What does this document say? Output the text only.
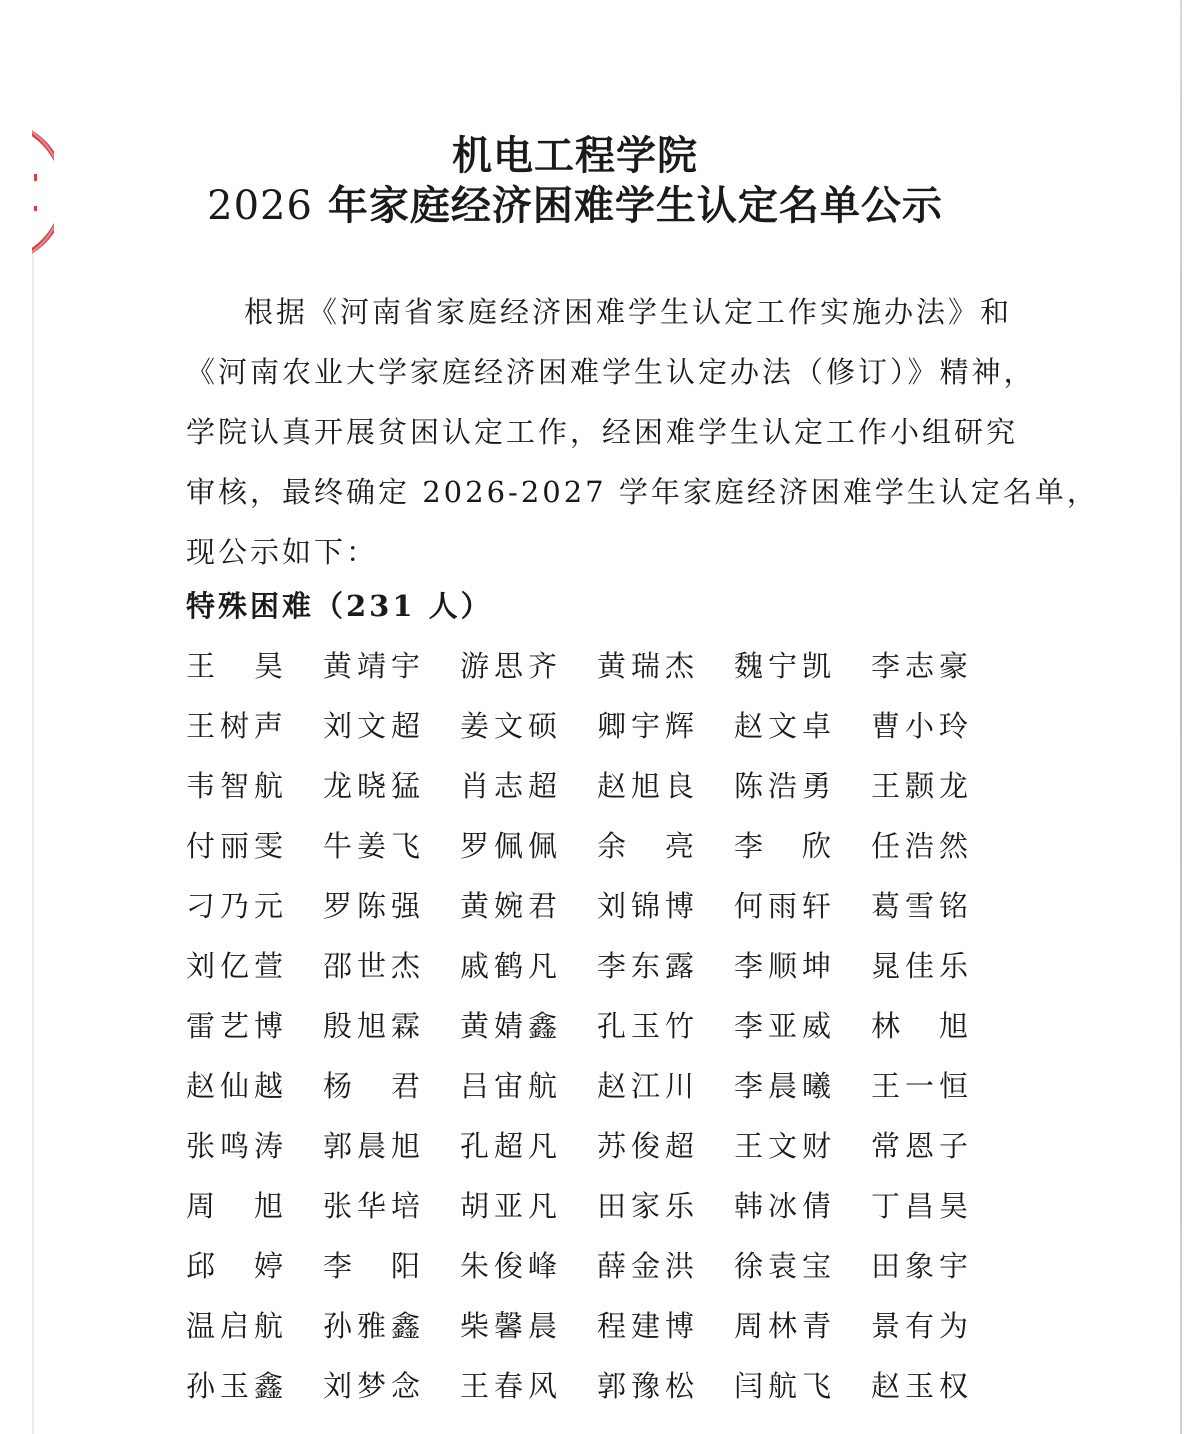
机电工程学院
2026 年家庭经济困难学生认定名单公示
根据《河南省家庭经济困难学生认定工作实施办法》和
《河南农业大学家庭经济困难学生认定办法（修订）》精神，
学院认真开展贫困认定工作，经困难学生认定工作小组研究
审核，最终确定 2026-2027 学年家庭经济困难学生认定名单，
现公示如下：
特殊困难（231 人）
王　昊	黄靖宇	游思齐	黄瑞杰	魏宁凯	李志豪
王树声	刘文超	姜文硕	卿宇辉	赵文卓	曹小玲
韦智航	龙晓猛	肖志超	赵旭良	陈浩勇	王颢龙
付丽雯	牛姜飞	罗佩佩	余　亮	李　欣	任浩然
刁乃元	罗陈强	黄婉君	刘锦博	何雨轩	葛雪铭
刘亿萱	邵世杰	戚鹤凡	李东露	李顺坤	晁佳乐
雷艺博	殷旭霖	黄婧鑫	孔玉竹	李亚威	林　旭
赵仙越	杨　君	吕宙航	赵江川	李晨曦	王一恒
张鸣涛	郭晨旭	孔超凡	苏俊超	王文财	常恩子
周　旭	张华培	胡亚凡	田家乐	韩冰倩	丁昌昊
邱　婷	李　阳	朱俊峰	薛金洪	徐袁宝	田象宇
温启航	孙雅鑫	柴馨晨	程建博	周林青	景有为
孙玉鑫	刘梦念	王春风	郭豫松	闫航飞	赵玉权
